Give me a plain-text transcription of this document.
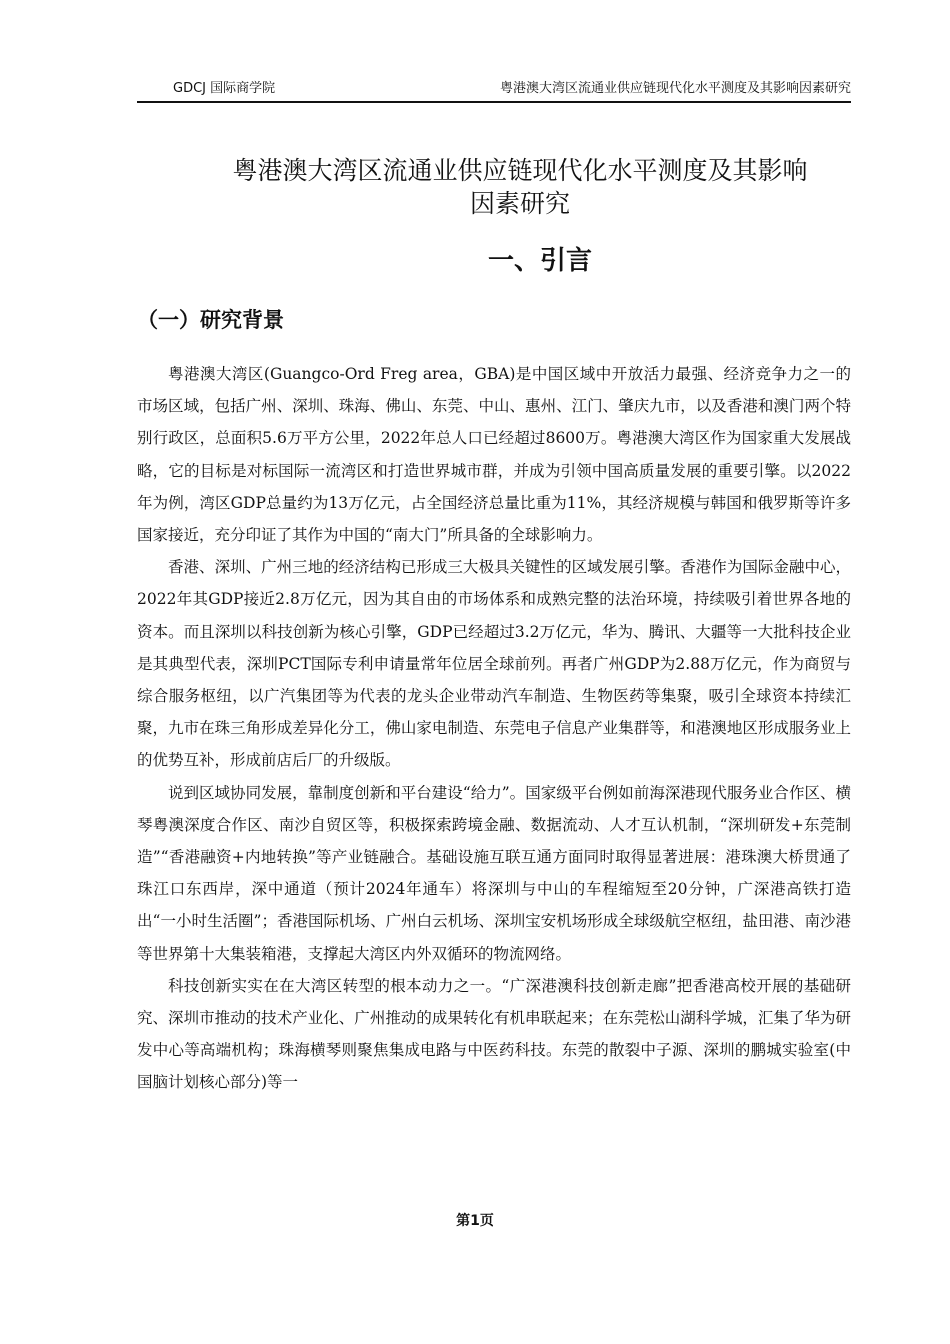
GDCJ 国际商学院	粤港澳大湾区流通业供应链现代化水平测度及其影响因素研究
粤港澳大湾区流通业供应链现代化水平测度及其影响
因素研究
一、引言
（一）研究背景

粤港澳大湾区(Guangco-Ord Freg area，GBA)是中国区域中开放活力最强、经济竞争力之一的市场区域，包括广州、深圳、珠海、佛山、东莞、中山、惠州、江门、肇庆九市，以及香港和澳门两个特别行政区，总面积5.6万平方公里，2022年总人口已经超过8600万。粤港澳大湾区作为国家重大发展战略，它的目标是对标国际一流湾区和打造世界城市群，并成为引领中国高质量发展的重要引擎。以2022年为例，湾区GDP总量约为13万亿元，占全国经济总量比重为11%，其经济规模与韩国和俄罗斯等许多国家接近，充分印证了其作为中国的“南大门”所具备的全球影响力。

香港、深圳、广州三地的经济结构已形成三大极具关键性的区域发展引擎。香港作为国际金融中心，2022年其GDP接近2.8万亿元，因为其自由的市场体系和成熟完整的法治环境，持续吸引着世界各地的资本。而且深圳以科技创新为核心引擎，GDP已经超过3.2万亿元，华为、腾讯、大疆等一大批科技企业是其典型代表，深圳PCT国际专利申请量常年位居全球前列。再者广州GDP为2.88万亿元，作为商贸与综合服务枢纽，以广汽集团等为代表的龙头企业带动汽车制造、生物医药等集聚，吸引全球资本持续汇聚，九市在珠三角形成差异化分工，佛山家电制造、东莞电子信息产业集群等，和港澳地区形成服务业上的优势互补，形成前店后厂的升级版。

说到区域协同发展，靠制度创新和平台建设“给力”。国家级平台例如前海深港现代服务业合作区、横琴粤澳深度合作区、南沙自贸区等，积极探索跨境金融、数据流动、人才互认机制，“深圳研发+东莞制造”“香港融资+内地转换”等产业链融合。基础设施互联互通方面同时取得显著进展：港珠澳大桥贯通了珠江口东西岸，深中通道（预计2024年通车）将深圳与中山的车程缩短至20分钟，广深港高铁打造出“一小时生活圈”；香港国际机场、广州白云机场、深圳宝安机场形成全球级航空枢纽，盐田港、南沙港等世界第十大集装箱港，支撑起大湾区内外双循环的物流网络。

科技创新实实在在大湾区转型的根本动力之一。“广深港澳科技创新走廊”把香港高校开展的基础研究、深圳市推动的技术产业化、广州推动的成果转化有机串联起来；在东莞松山湖科学城，汇集了华为研发中心等高端机构；珠海横琴则聚焦集成电路与中医药科技。东莞的散裂中子源、深圳的鹏城实验室(中国脑计划核心部分)等一

第1页
